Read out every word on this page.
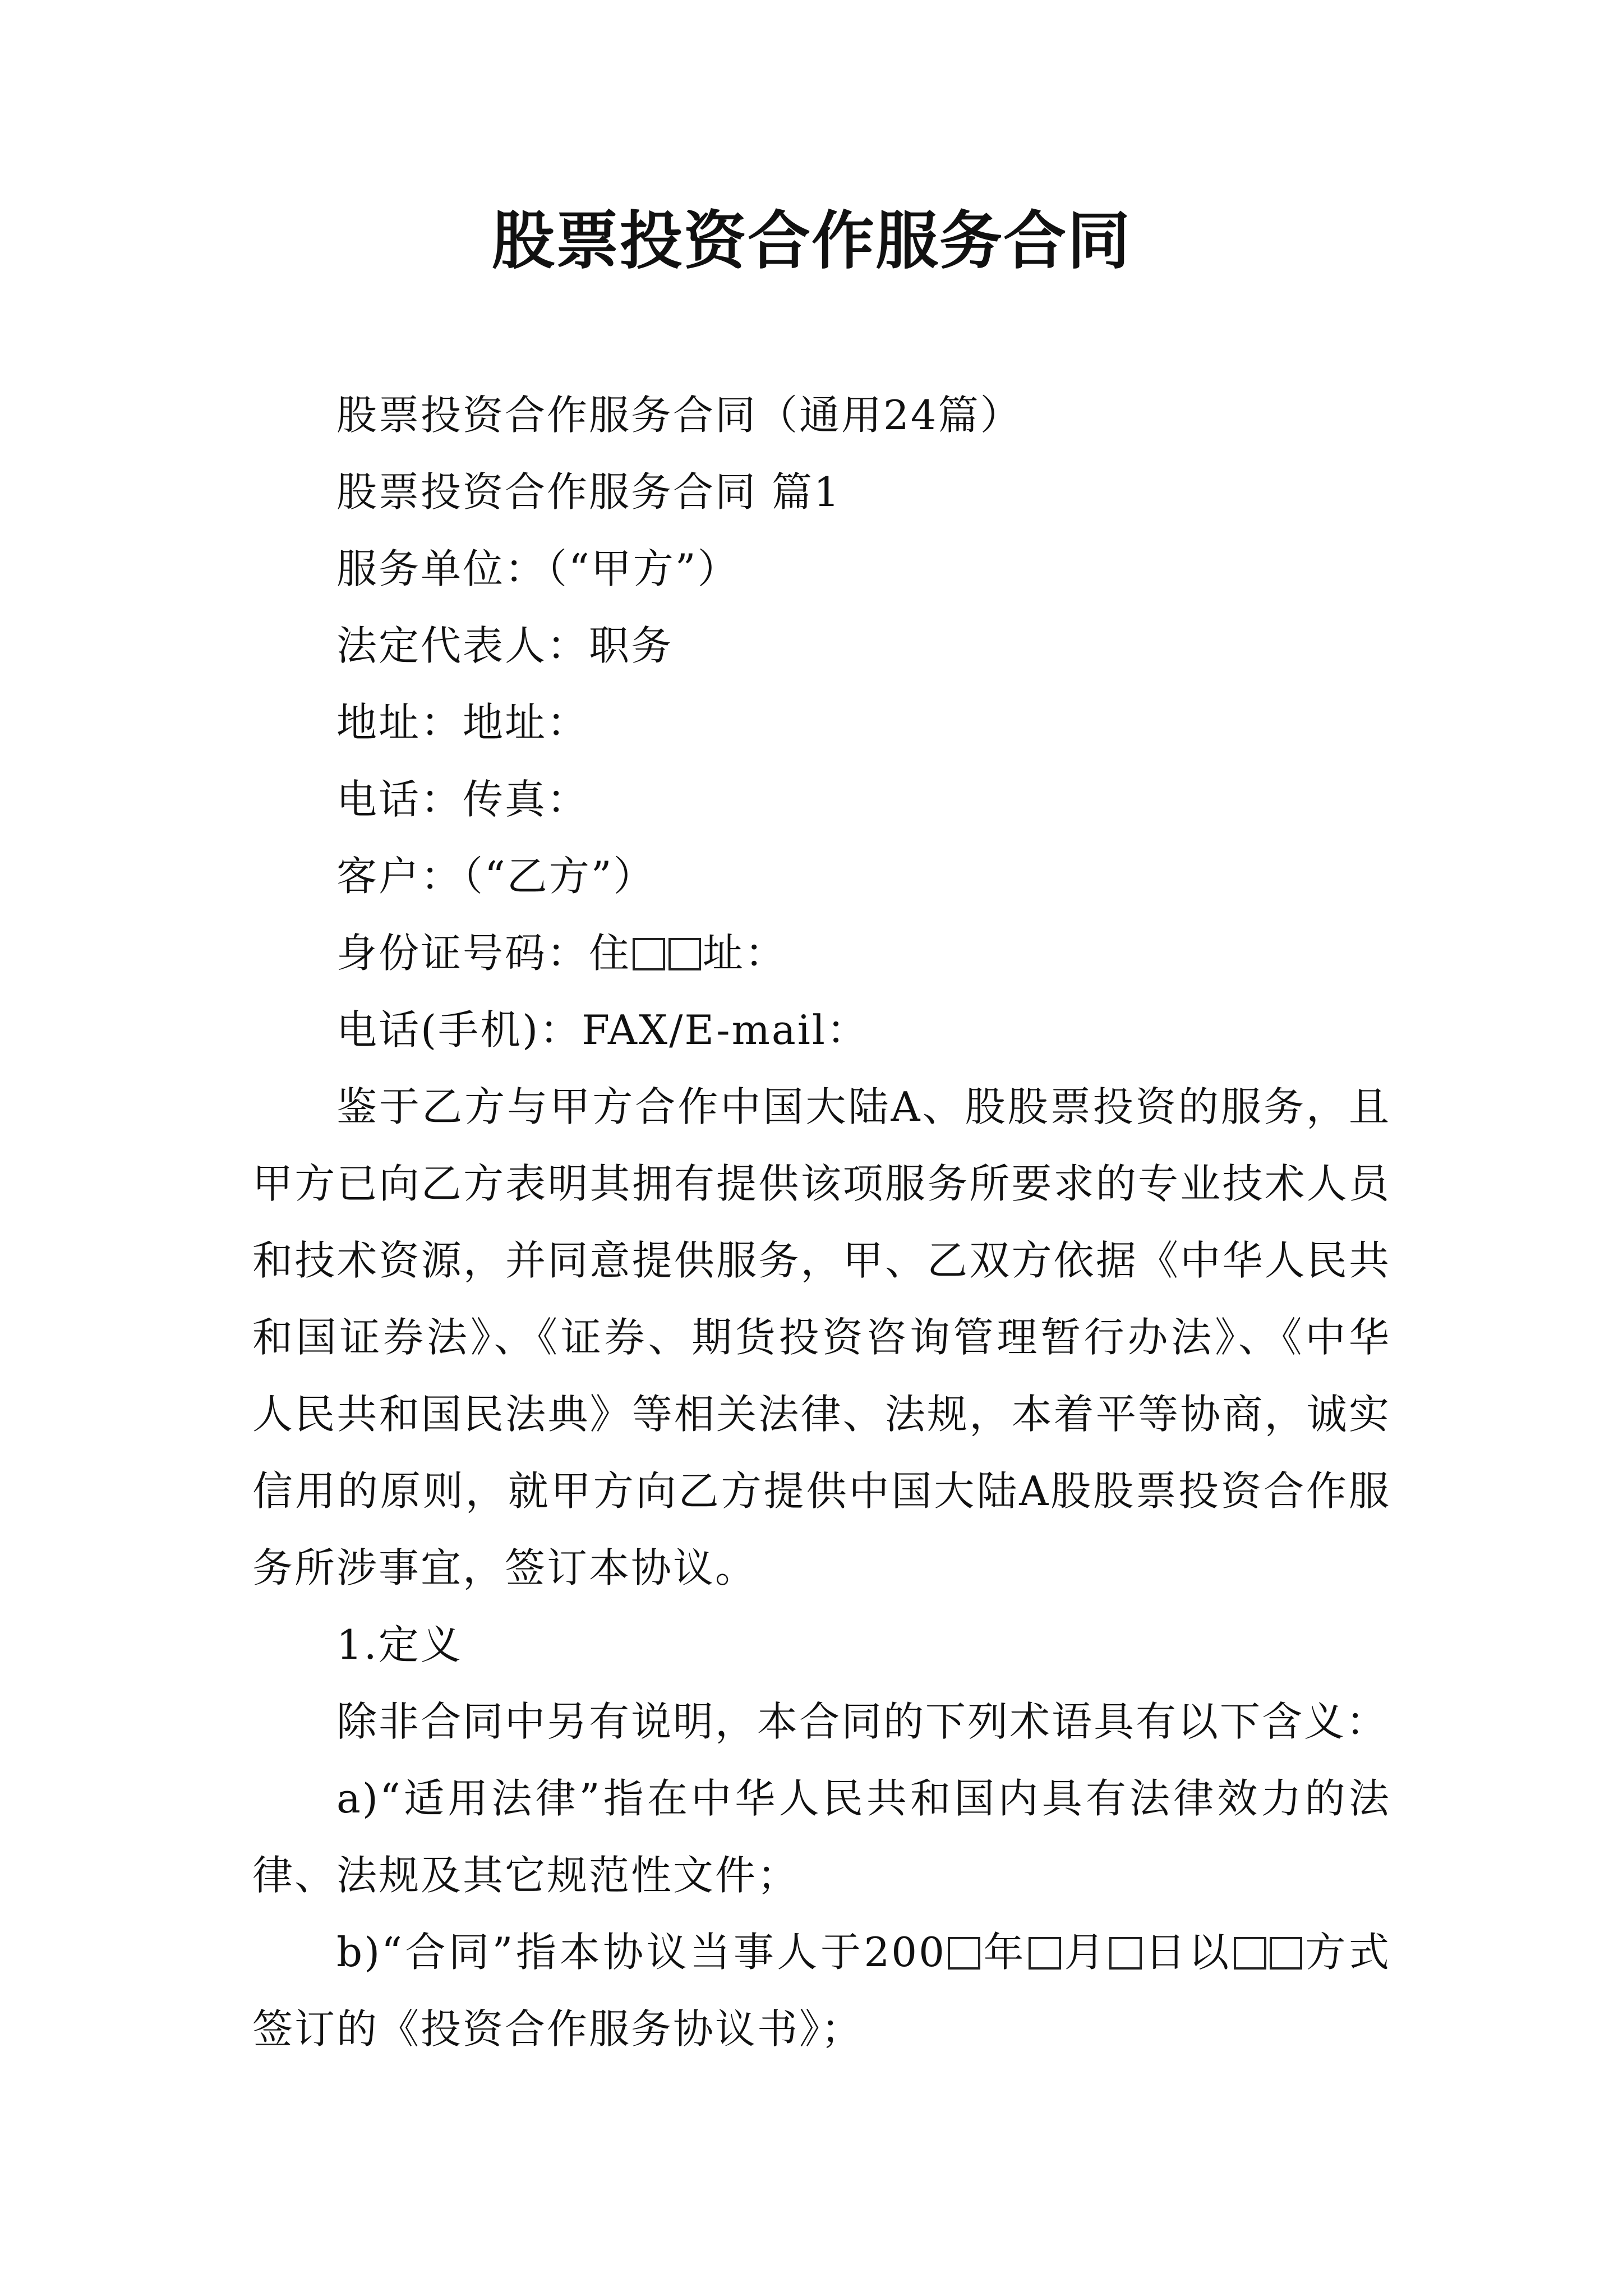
股票投资合作服务合同

股票投资合作服务合同（通用24篇）

股票投资合作服务合同 篇1

服务单位：（“甲方”）

法定代表人：职务

地址：地址：

电话：传真：

客户：（“乙方”）

身份证号码：住 址：

电话(手机)：FAX/E-mail：

鉴于乙方与甲方合作中国大陆A、股股票投资的服务，且甲方已向乙方表明其拥有提供该项服务所要求的专业技术人员和技术资源，并同意提供服务，甲、乙双方依据《中华人民共和国证券法》、《证券、期货投资咨询管理暂行办法》、《中华人民共和国民法典》等相关法律、法规，本着平等协商，诚实信用的原则，就甲方向乙方提供中国大陆A股股票投资合作服务所涉事宜，签订本协议。

1.定义

除非合同中另有说明，本合同的下列术语具有以下含义：

a)“适用法律”指在中华人民共和国内具有法律效力的法律、法规及其它规范性文件；

b)“合同”指本协议当事人于200 年 月 日以 方式签订的《投资合作服务协议书》；
